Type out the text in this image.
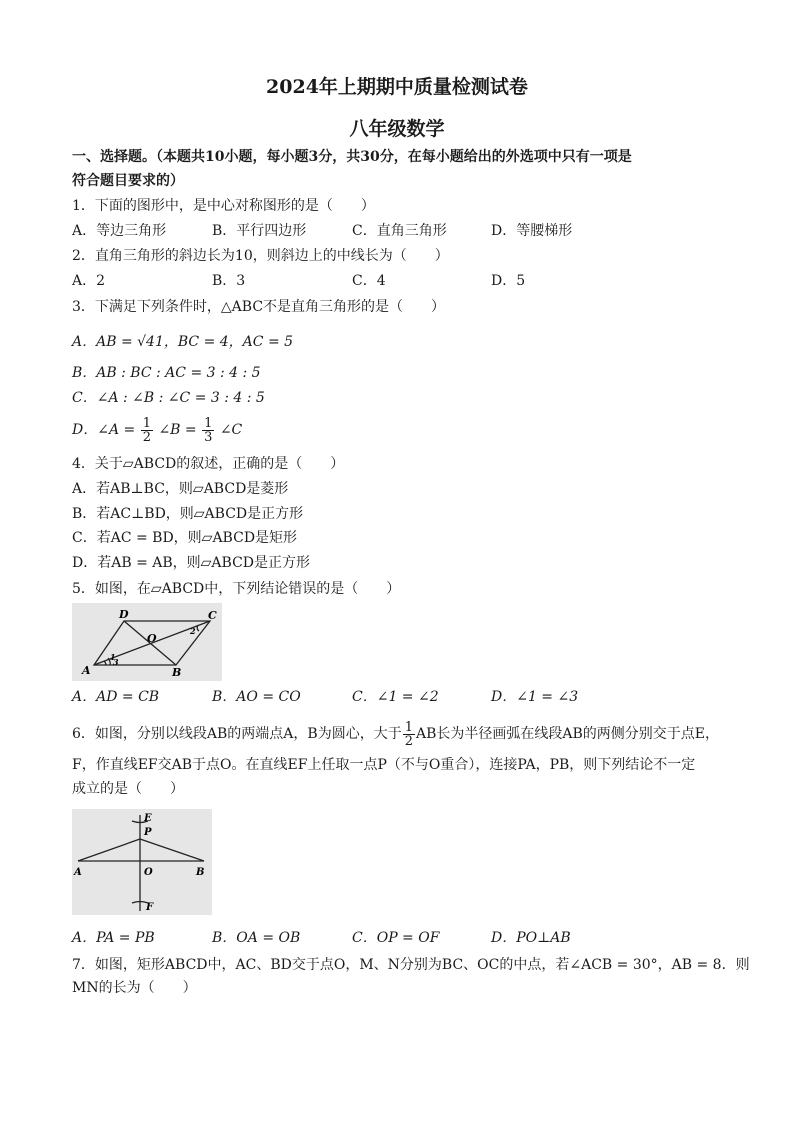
2024年上期期中质量检测试卷
八年级数学
一、选择题。（本题共10小题，每小题3分，共30分，在每小题给出的外选项中只有一项是
符合题目要求的）
1．下面的图形中，是中心对称图形的是（　　）
A．等边三角形	B．平行四边形	C．直角三角形	D．等腰梯形
2．直角三角形的斜边长为10，则斜边上的中线长为（　　）
A．2	B．3	C．4	D．5
3．下满足下列条件时，△ABC不是直角三角形的是（　　）
A．AB = √41，BC = 4，AC = 5
B．AB : BC : AC = 3 : 4 : 5
C．∠A : ∠B : ∠C = 3 : 4 : 5
D．∠A = $\frac{1}{2}$ ∠B = $\frac{1}{3}$ ∠C
4．关于▱ABCD的叙述，正确的是（　　）
A．若AB⊥BC，则▱ABCD是菱形
B．若AC⊥BD，则▱ABCD是正方形
C．若AC = BD，则▱ABCD是矩形
D．若AB = AB，则▱ABCD是正方形
5．如图，在▱ABCD中，下列结论错误的是（　　）
A	B
C
D
O
1
2
3
A．AD = CB	B．AO = CO	C．∠1 = ∠2	D．∠1 = ∠3
6．如图，分别以线段AB的两端点A，B为圆心，大于 $\frac{1}{2}$ AB长为半径画弧在线段AB的两侧分别交于点E，
F，作直线EF交AB于点O。在直线EF上任取一点P（不与O重合），连接PA，PB，则下列结论不一定
成立的是（　　）
A	B
E
P
O
F
A．PA = PB	B．OA = OB	C．OP = OF	D．PO⊥AB
7．如图，矩形ABCD中，AC、BD交于点O，M、N分别为BC、OC的中点，若∠ACB = 30°，AB = 8．则
MN的长为（　　）
